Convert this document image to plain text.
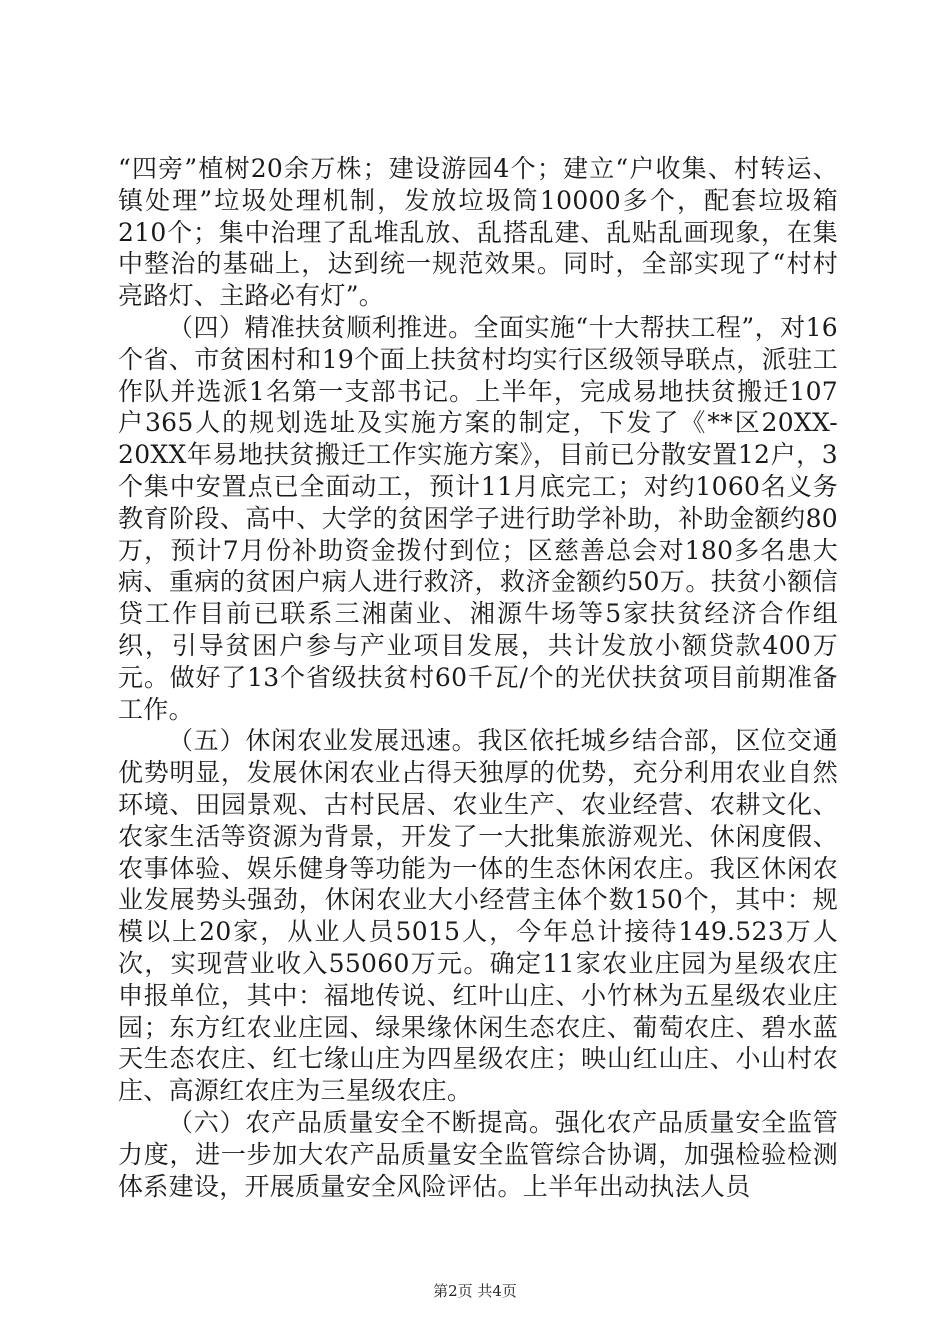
“四旁”植树20余万株；建设游园4个；建立“户收集、村转运、镇处理”垃圾处理机制，发放垃圾筒10000多个，配套垃圾箱210个；集中治理了乱堆乱放、乱搭乱建、乱贴乱画现象，在集中整治的基础上，达到统一规范效果。同时，全部实现了“村村亮路灯、主路必有灯”。

（四）精准扶贫顺利推进。全面实施“十大帮扶工程”，对16个省、市贫困村和19个面上扶贫村均实行区级领导联点，派驻工作队并选派1名第一支部书记。上半年，完成易地扶贫搬迁107户365人的规划选址及实施方案的制定，下发了《**区20XX-20XX年易地扶贫搬迁工作实施方案》，目前已分散安置12户，3个集中安置点已全面动工，预计11月底完工；对约1060名义务教育阶段、高中、大学的贫困学子进行助学补助，补助金额约80万，预计7月份补助资金拨付到位；区慈善总会对180多名患大病、重病的贫困户病人进行救济，救济金额约50万。扶贫小额信贷工作目前已联系三湘菌业、湘源牛场等5家扶贫经济合作组织，引导贫困户参与产业项目发展，共计发放小额贷款400万元。做好了13个省级扶贫村60千瓦/个的光伏扶贫项目前期准备工作。

（五）休闲农业发展迅速。我区依托城乡结合部，区位交通优势明显，发展休闲农业占得天独厚的优势，充分利用农业自然环境、田园景观、古村民居、农业生产、农业经营、农耕文化、农家生活等资源为背景，开发了一大批集旅游观光、休闲度假、农事体验、娱乐健身等功能为一体的生态休闲农庄。我区休闲农业发展势头强劲，休闲农业大小经营主体个数150个，其中：规模以上20家，从业人员5015人，今年总计接待149.523万人次，实现营业收入55060万元。确定11家农业庄园为星级农庄申报单位，其中：福地传说、红叶山庄、小竹林为五星级农业庄园；东方红农业庄园、绿果缘休闲生态农庄、葡萄农庄、碧水蓝天生态农庄、红七缘山庄为四星级农庄；映山红山庄、小山村农庄、高源红农庄为三星级农庄。

（六）农产品质量安全不断提高。强化农产品质量安全监管力度，进一步加大农产品质量安全监管综合协调，加强检验检测体系建设，开展质量安全风险评估。上半年出动执法人员

第2页 共4页
